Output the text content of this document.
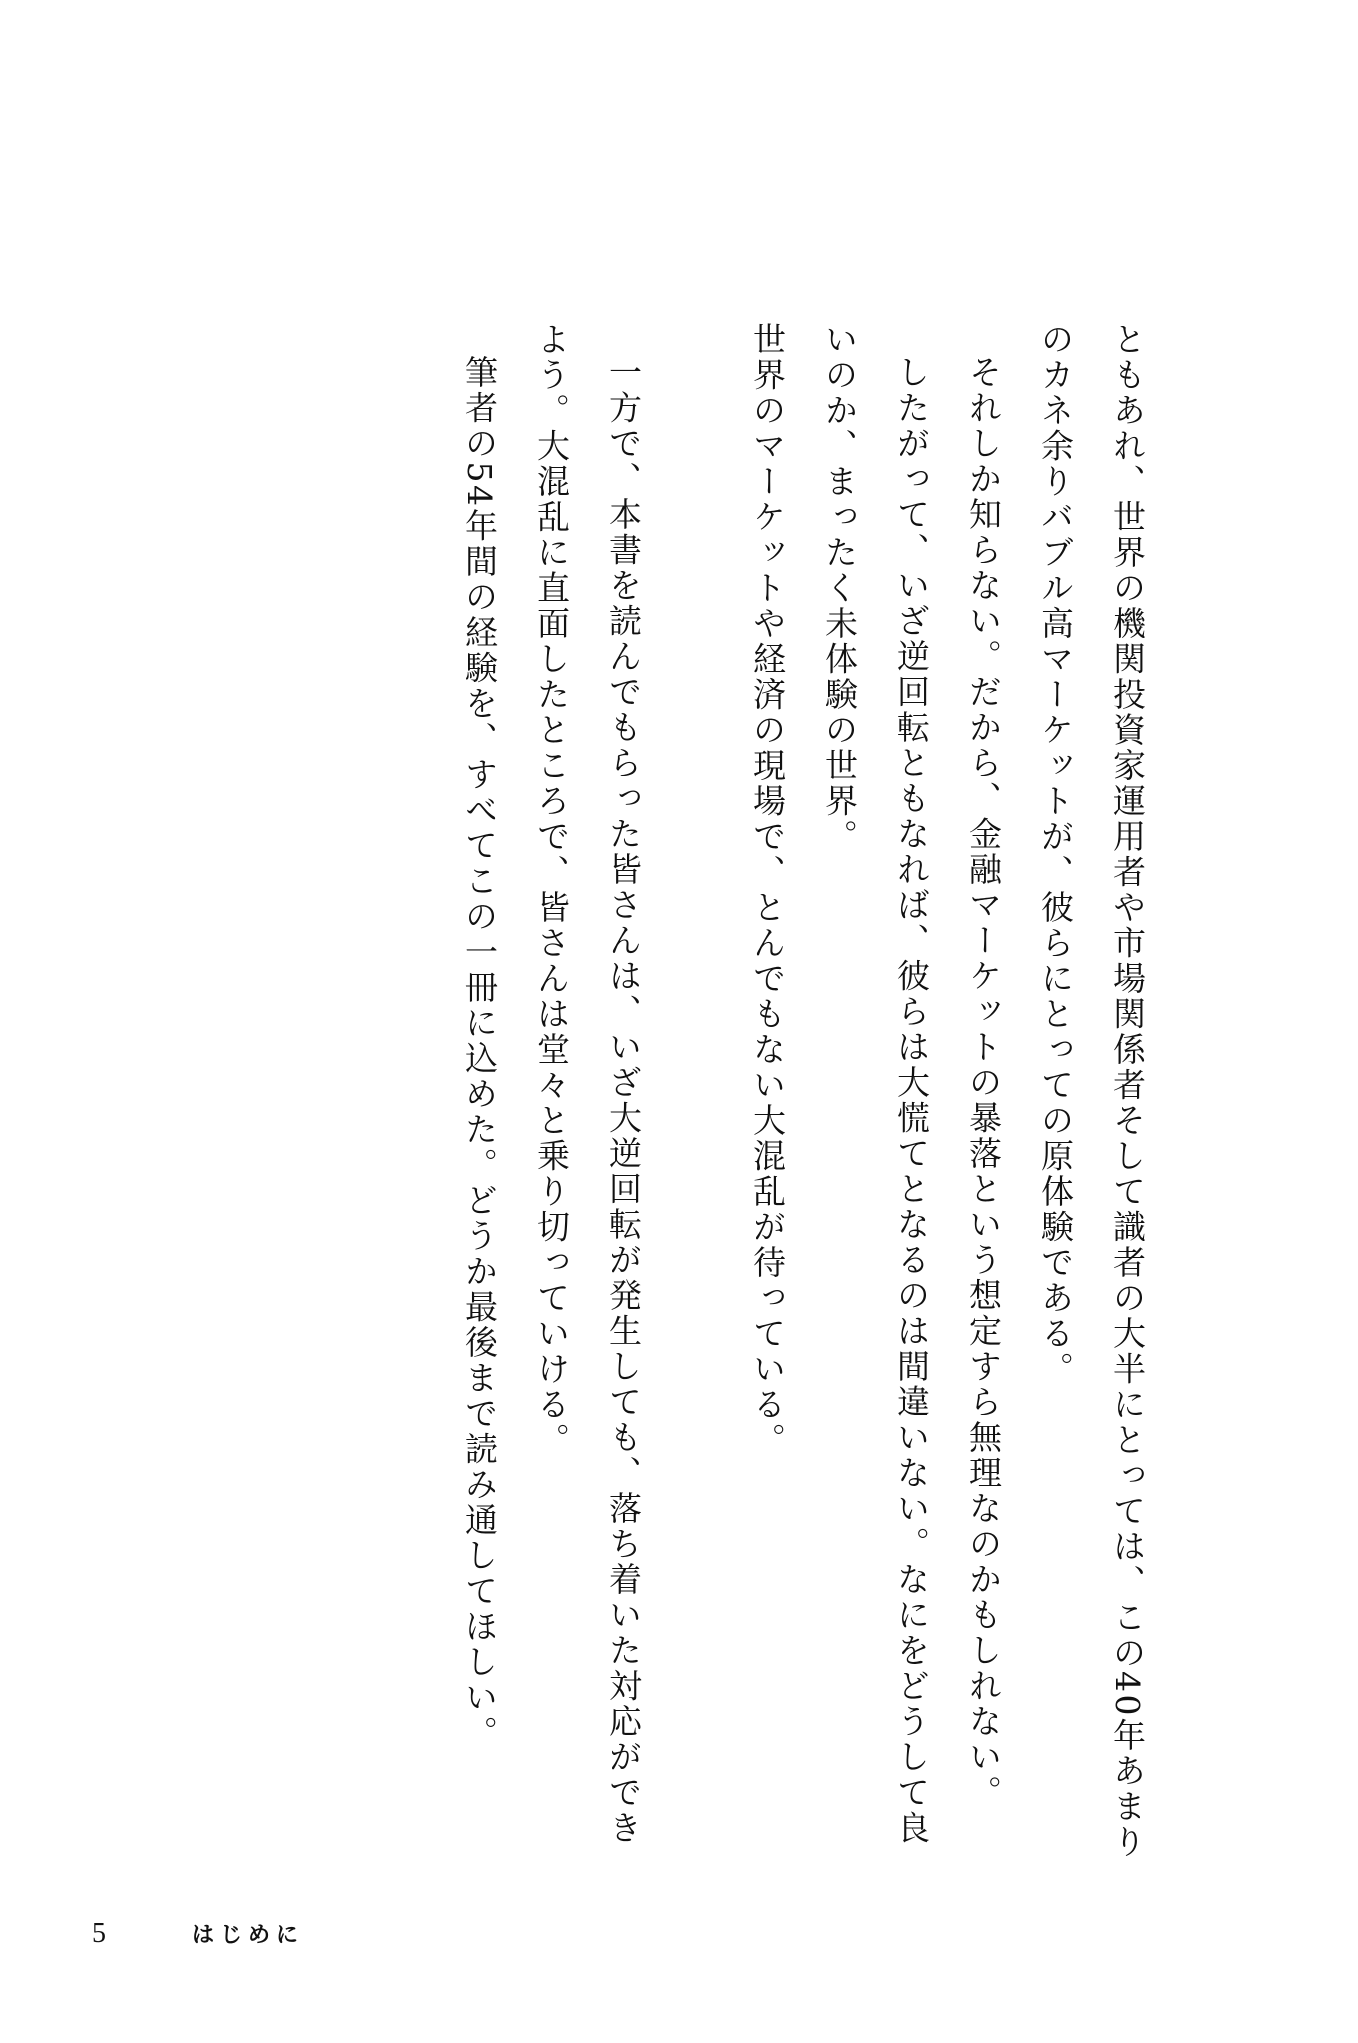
ともあれ、世界の機関投資家運用者や市場関係者そして識者の大半にとっては、この40年あまりのカネ余りバブル高マーケットが、彼らにとっての原体験である。

それしか知らない。だから、金融マーケットの暴落という想定すら無理なのかもしれない。

したがって、いざ逆回転ともなれば、彼らは大慌てとなるのは間違いない。なにをどうして良いのか、まったく未体験の世界。

世界のマーケットや経済の現場で、とんでもない大混乱が待っている。

一方で、本書を読んでもらった皆さんは、いざ大逆回転が発生しても、落ち着いた対応ができよう。大混乱に直面したところで、皆さんは堂々と乗り切っていける。

筆者の54年間の経験を、すべてこの一冊に込めた。どうか最後まで読み通してほしい。

5	はじめに
